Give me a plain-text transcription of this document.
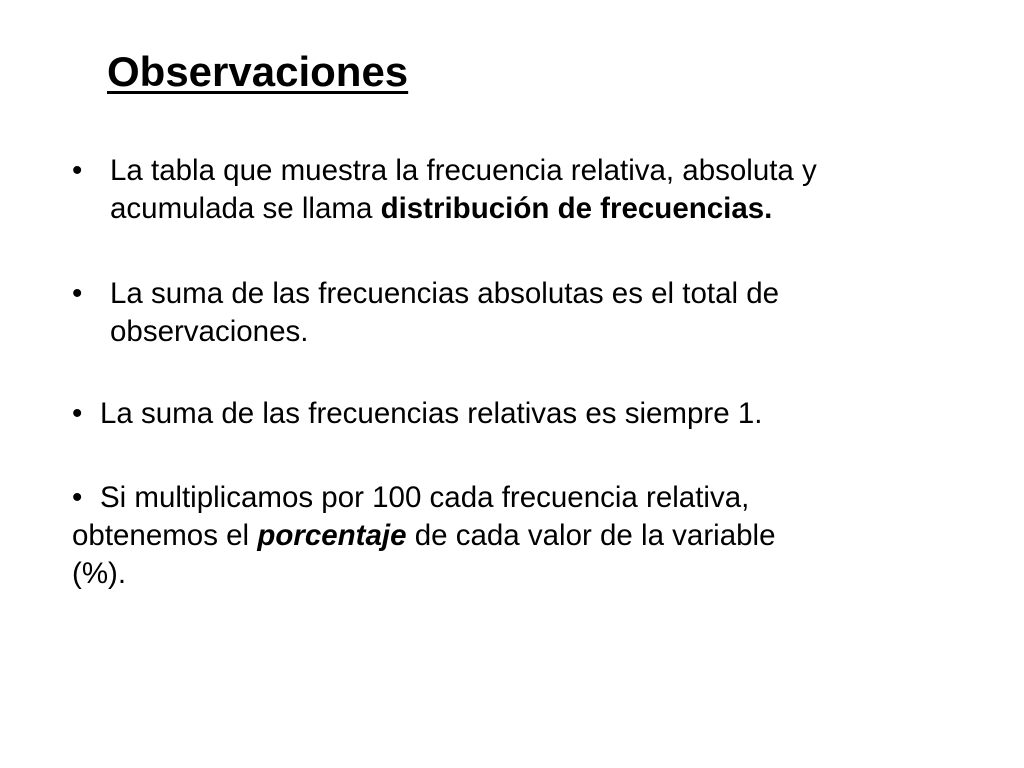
Observaciones
• La tabla que muestra la frecuencia relativa, absoluta y
acumulada se llama distribución de frecuencias.
• La suma de las frecuencias absolutas es el total de
observaciones.
• La suma de las frecuencias relativas es siempre 1.
• Si multiplicamos por 100 cada frecuencia relativa,
obtenemos el porcentaje de cada valor de la variable
(%).
